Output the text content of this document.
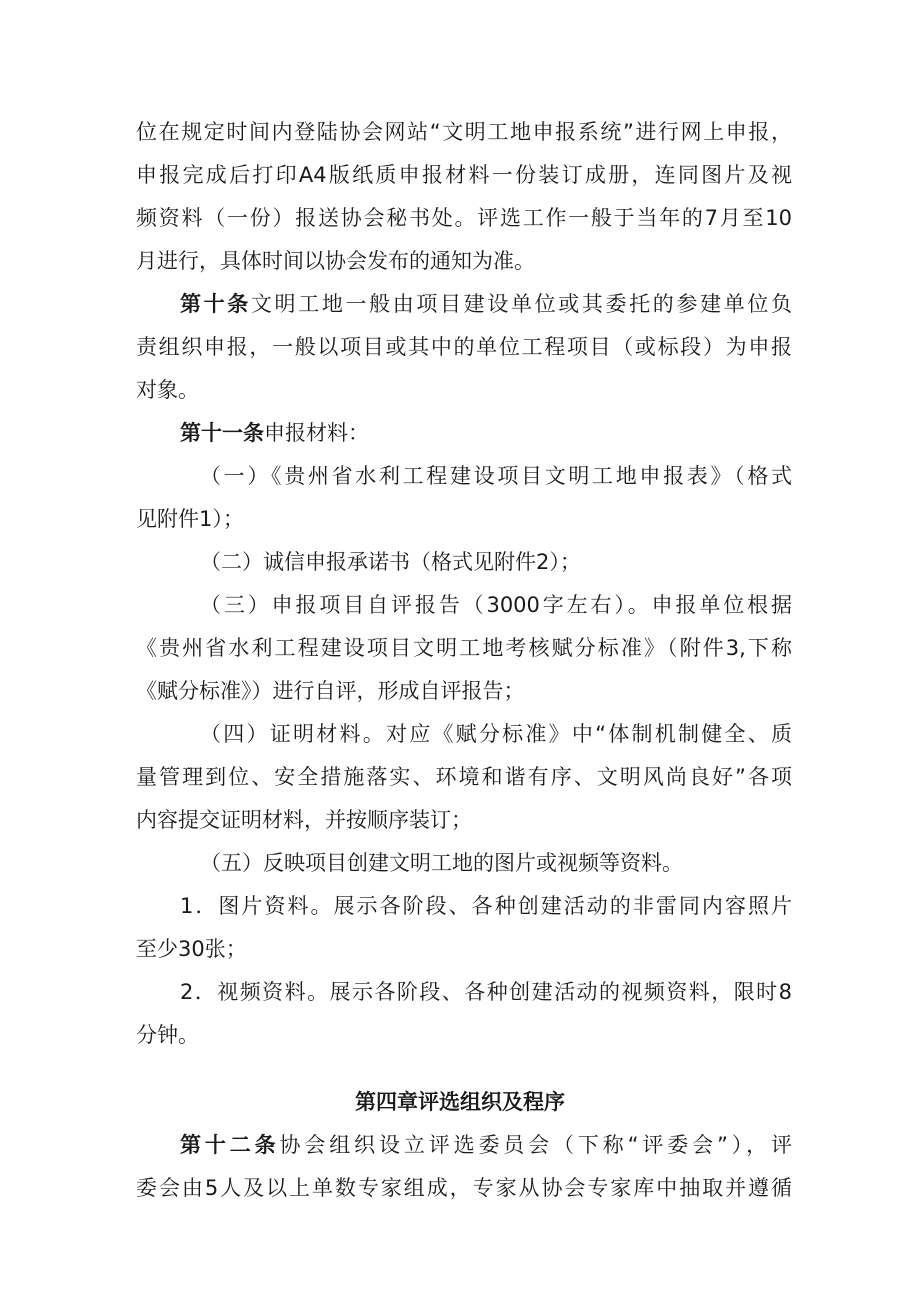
位在规定时间内登陆协会网站“文明工地申报系统”进行网上申报，
申报完成后打印A4版纸质申报材料一份装订成册，连同图片及视
频资料（一份）报送协会秘书处。评选工作一般于当年的7月至10
月进行，具体时间以协会发布的通知为准。
第十条文明工地一般由项目建设单位或其委托的参建单位负
责组织申报，一般以项目或其中的单位工程项目（或标段）为申报
对象。
第十一条申报材料：
（一）《贵州省水利工程建设项目文明工地申报表》（格式
见附件1）；
（二）诚信申报承诺书（格式见附件2）；
（三）申报项目自评报告（3000字左右）。申报单位根据
《贵州省水利工程建设项目文明工地考核赋分标准》（附件3,下称
《赋分标准》）进行自评，形成自评报告；
（四）证明材料。对应《赋分标准》中“体制机制健全、质
量管理到位、安全措施落实、环境和谐有序、文明风尚良好”各项
内容提交证明材料，并按顺序装订；
（五）反映项目创建文明工地的图片或视频等资料。
1．图片资料。展示各阶段、各种创建活动的非雷同内容照片
至少30张；
2．视频资料。展示各阶段、各种创建活动的视频资料，限时8
分钟。
第四章评选组织及程序
第十二条协会组织设立评选委员会（下称“评委会”），评
委会由5人及以上单数专家组成，专家从协会专家库中抽取并遵循
